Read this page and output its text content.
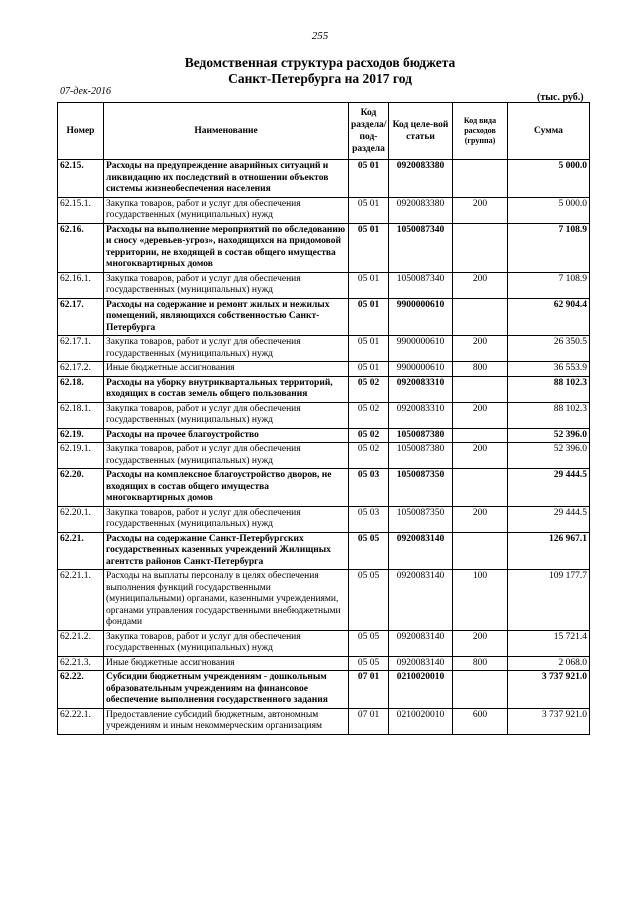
255
Ведомственная структура расходов бюджета
Санкт-Петербурга на 2017 год
07-дек-2016
(тыс. руб.)
Номер	Наименование	Код раздела/ под-раздела	Код целе-вой статьи	Код вида расходов (группа)	Сумма
62.15.	Расходы на предупреждение аварийных ситуаций и ликвидацию их последствий в отношении объектов системы жизнеобеспечения населения	05 01	0920083380		5 000.0
62.15.1.	Закупка товаров, работ и услуг для обеспечения государственных (муниципальных) нужд	05 01	0920083380	200	5 000.0
62.16.	Расходы на выполнение мероприятий по обследованию и сносу «деревьев-угроз», находящихся на придомовой территории, не входящей в состав общего имущества многоквартирных домов	05 01	1050087340		7 108.9
62.16.1.	Закупка товаров, работ и услуг для обеспечения государственных (муниципальных) нужд	05 01	1050087340	200	7 108.9
62.17.	Расходы на содержание и ремонт жилых и нежилых помещений, являющихся собственностью Санкт-Петербурга	05 01	9900000610		62 904.4
62.17.1.	Закупка товаров, работ и услуг для обеспечения государственных (муниципальных) нужд	05 01	9900000610	200	26 350.5
62.17.2.	Иные бюджетные ассигнования	05 01	9900000610	800	36 553.9
62.18.	Расходы на уборку внутриквартальных территорий, входящих в состав земель общего пользования	05 02	0920083310		88 102.3
62.18.1.	Закупка товаров, работ и услуг для обеспечения государственных (муниципальных) нужд	05 02	0920083310	200	88 102.3
62.19.	Расходы на прочее благоустройство	05 02	1050087380		52 396.0
62.19.1.	Закупка товаров, работ и услуг для обеспечения государственных (муниципальных) нужд	05 02	1050087380	200	52 396.0
62.20.	Расходы на комплексное благоустройство дворов, не входящих в состав общего имущества многоквартирных домов	05 03	1050087350		29 444.5
62.20.1.	Закупка товаров, работ и услуг для обеспечения государственных (муниципальных) нужд	05 03	1050087350	200	29 444.5
62.21.	Расходы на содержание Санкт-Петербургских государственных казенных учреждений Жилищных агентств районов Санкт-Петербурга	05 05	0920083140		126 967.1
62.21.1.	Расходы на выплаты персоналу в целях обеспечения выполнения функций государственными (муниципальными) органами, казенными учреждениями, органами управления государственными внебюджетными фондами	05 05	0920083140	100	109 177.7
62.21.2.	Закупка товаров, работ и услуг для обеспечения государственных (муниципальных) нужд	05 05	0920083140	200	15 721.4
62.21.3.	Иные бюджетные ассигнования	05 05	0920083140	800	2 068.0
62.22.	Субсидии бюджетным учреждениям - дошкольным образовательным учреждениям на финансовое обеспечение выполнения государственного задания	07 01	0210020010		3 737 921.0
62.22.1.	Предоставление субсидий бюджетным, автономным учреждениям и иным некоммерческим организациям	07 01	0210020010	600	3 737 921.0
